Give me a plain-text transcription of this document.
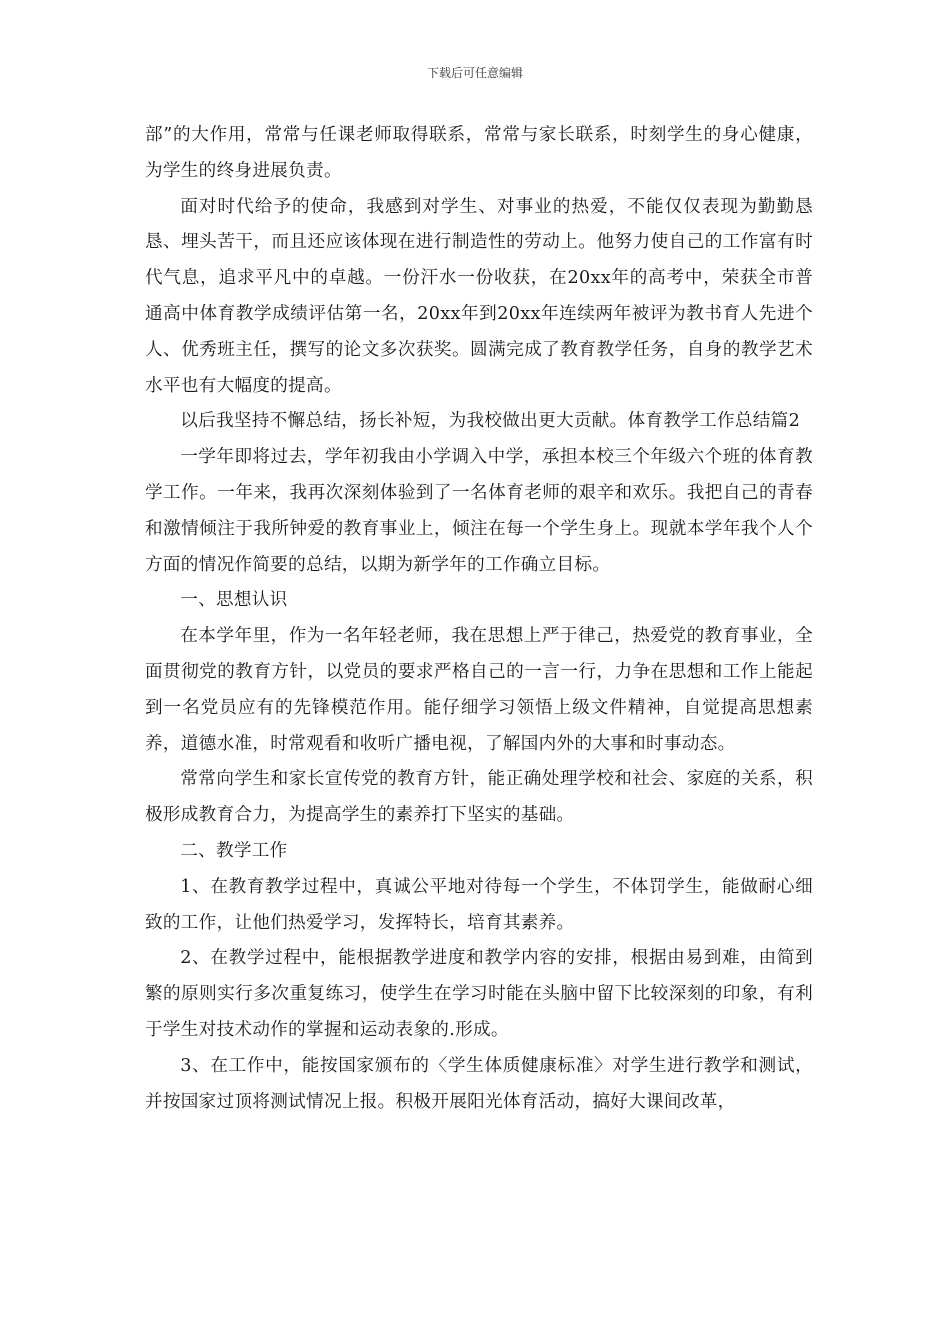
下载后可任意编辑

部”的大作用，常常与任课老师取得联系，常常与家长联系，时刻学生的身心健康，为学生的终身进展负责。

面对时代给予的使命，我感到对学生、对事业的热爱，不能仅仅表现为勤勤恳恳、埋头苦干，而且还应该体现在进行制造性的劳动上。他努力使自己的工作富有时代气息，追求平凡中的卓越。一份汗水一份收获，在20xx年的高考中，荣获全市普通高中体育教学成绩评估第一名，20xx年到20xx年连续两年被评为教书育人先进个人、优秀班主任，撰写的论文多次获奖。圆满完成了教育教学任务，自身的教学艺术水平也有大幅度的提高。

以后我坚持不懈总结，扬长补短，为我校做出更大贡献。体育教学工作总结篇2

一学年即将过去，学年初我由小学调入中学，承担本校三个年级六个班的体育教学工作。一年来，我再次深刻体验到了一名体育老师的艰辛和欢乐。我把自己的青春和激情倾注于我所钟爱的教育事业上，倾注在每一个学生身上。现就本学年我个人个方面的情况作简要的总结，以期为新学年的工作确立目标。

一、思想认识

在本学年里，作为一名年轻老师，我在思想上严于律己，热爱党的教育事业，全面贯彻党的教育方针，以党员的要求严格自己的一言一行，力争在思想和工作上能起到一名党员应有的先锋模范作用。能仔细学习领悟上级文件精神，自觉提高思想素养，道德水准，时常观看和收听广播电视，了解国内外的大事和时事动态。

常常向学生和家长宣传党的教育方针，能正确处理学校和社会、家庭的关系，积极形成教育合力，为提高学生的素养打下坚实的基础。

二、教学工作

1、在教育教学过程中，真诚公平地对待每一个学生，不体罚学生，能做耐心细致的工作，让他们热爱学习，发挥特长，培育其素养。

2、在教学过程中，能根据教学进度和教学内容的安排，根据由易到难，由简到繁的原则实行多次重复练习，使学生在学习时能在头脑中留下比较深刻的印象，有利于学生对技术动作的掌握和运动表象的.形成。

3、在工作中，能按国家颁布的〈学生体质健康标准〉对学生进行教学和测试，并按国家过顶将测试情况上报。积极开展阳光体育活动，搞好大课间改革，
